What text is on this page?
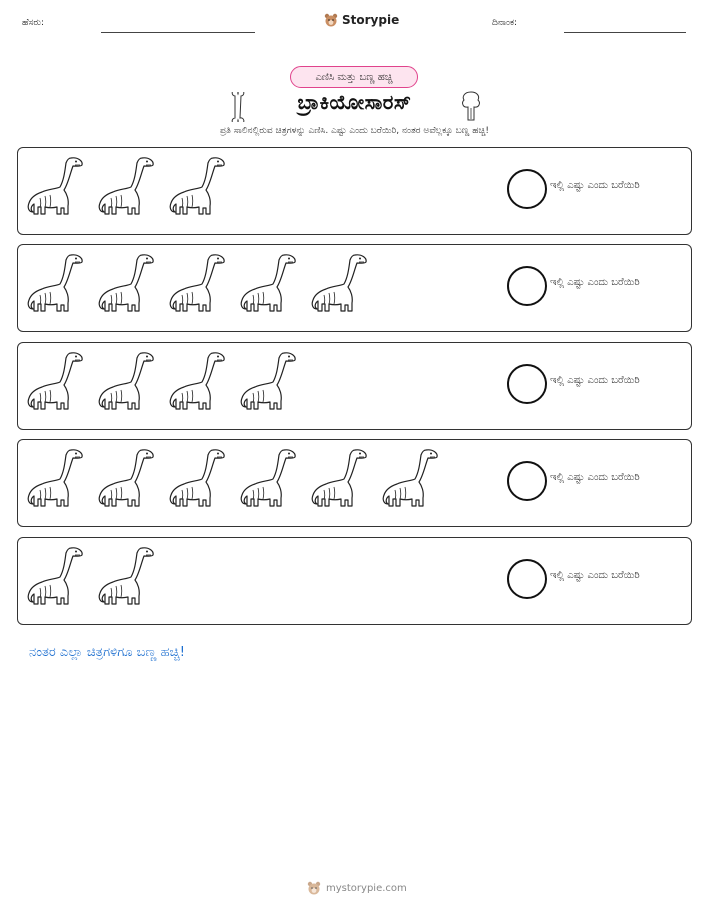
ಹೆಸರು:	Storypie	ದಿನಾಂಕ:
ಎಣಿಸಿ ಮತ್ತು ಬಣ್ಣ ಹಚ್ಚಿ
ಬ್ರಾಕಿಯೋಸಾರಸ್
ಪ್ರತಿ ಸಾಲಿನಲ್ಲಿರುವ ಚಿತ್ರಗಳನ್ನು ಎಣಿಸಿ. ಎಷ್ಟು ಎಂದು ಬರೆಯಿರಿ, ನಂತರ ಅವೆಲ್ಲಕ್ಕೂ ಬಣ್ಣ ಹಚ್ಚಿ!
ಇಲ್ಲಿ ಎಷ್ಟು ಎಂದು ಬರೆಯಿರಿ
ಇಲ್ಲಿ ಎಷ್ಟು ಎಂದು ಬರೆಯಿರಿ
ಇಲ್ಲಿ ಎಷ್ಟು ಎಂದು ಬರೆಯಿರಿ
ಇಲ್ಲಿ ಎಷ್ಟು ಎಂದು ಬರೆಯಿರಿ
ಇಲ್ಲಿ ಎಷ್ಟು ಎಂದು ಬರೆಯಿರಿ
ನಂತರ ಎಲ್ಲಾ ಚಿತ್ರಗಳಿಗೂ ಬಣ್ಣ ಹಚ್ಚಿ!
mystorypie.com
